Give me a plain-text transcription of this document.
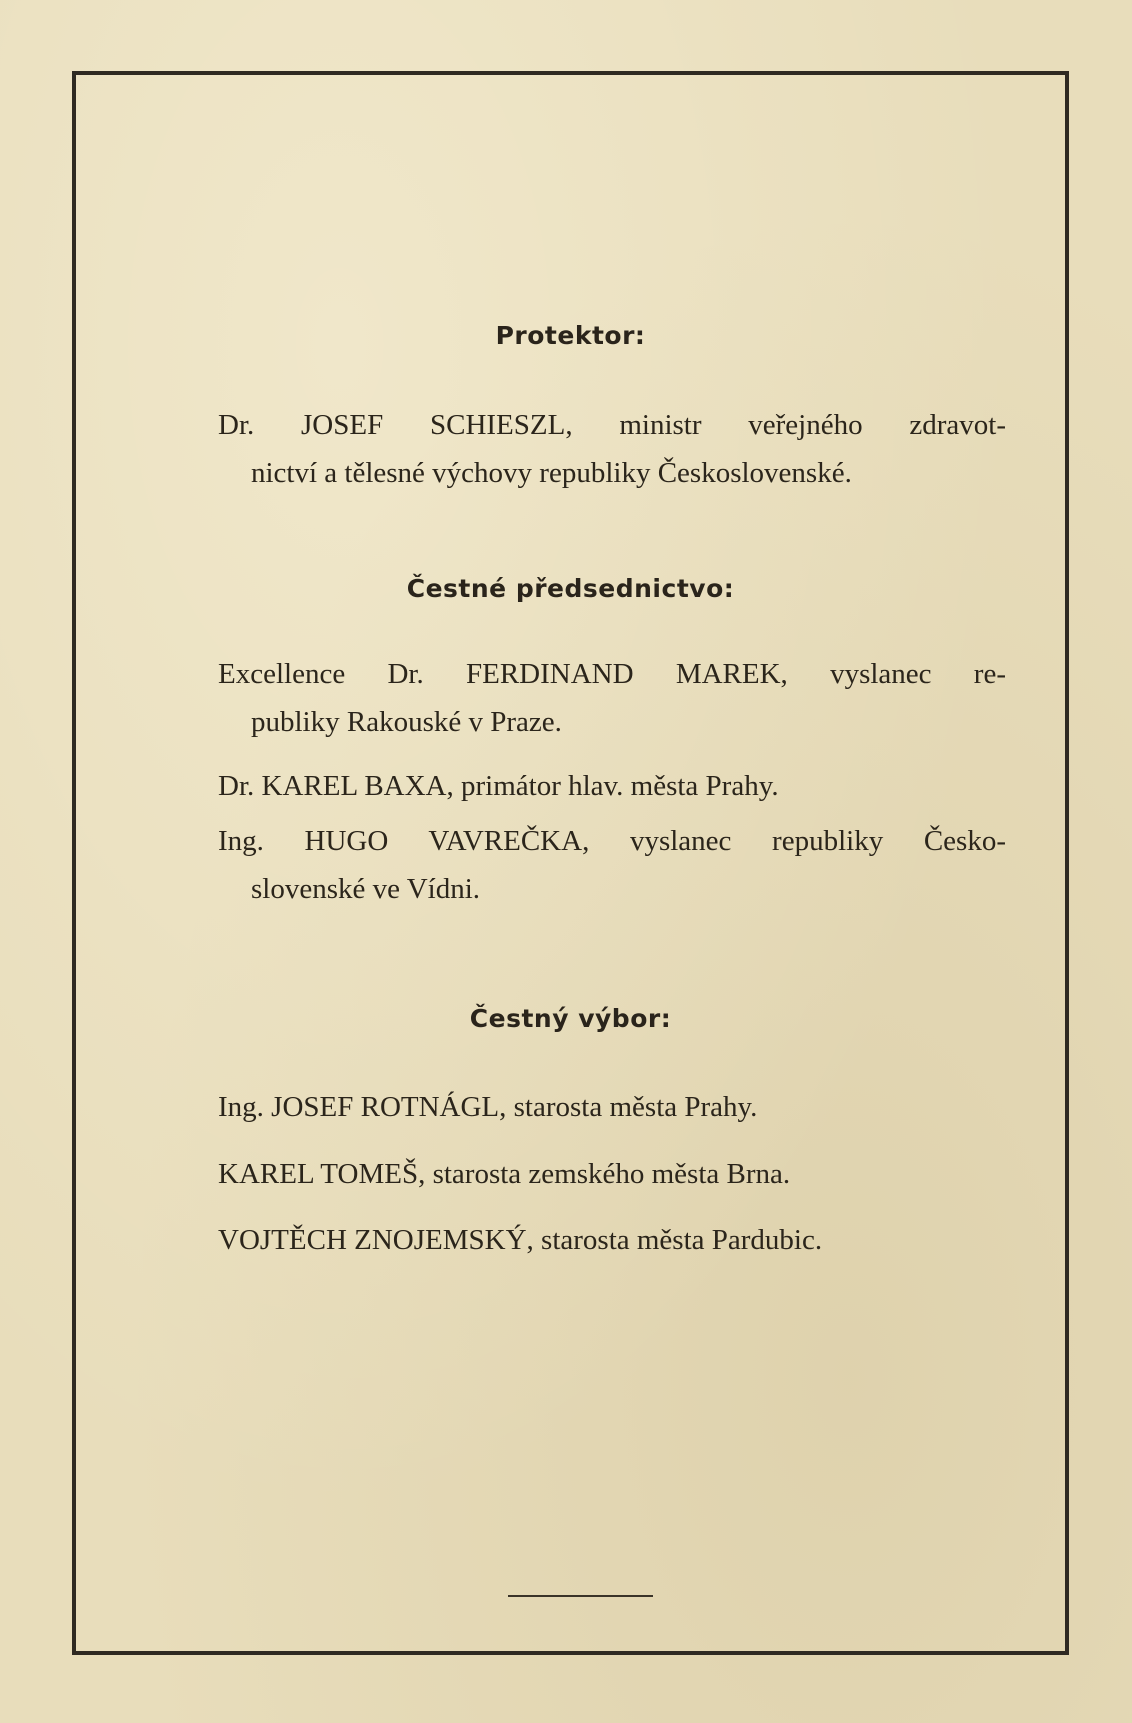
Protektor:
Dr. JOSEF SCHIESZL, ministr veřejného zdravot-
nictví a tělesné výchovy republiky Československé.
Čestné předsednictvo:
Excellence Dr. FERDINAND MAREK, vyslanec re-
publiky Rakouské v Praze.
Dr. KAREL BAXA, primátor hlav. města Prahy.
Ing. HUGO VAVREČKA, vyslanec republiky Česko-
slovenské ve Vídni.
Čestný výbor:
Ing. JOSEF ROTNÁGL, starosta města Prahy.
KAREL TOMEŠ, starosta zemského města Brna.
VOJTĚCH ZNOJEMSKÝ, starosta města Pardubic.
